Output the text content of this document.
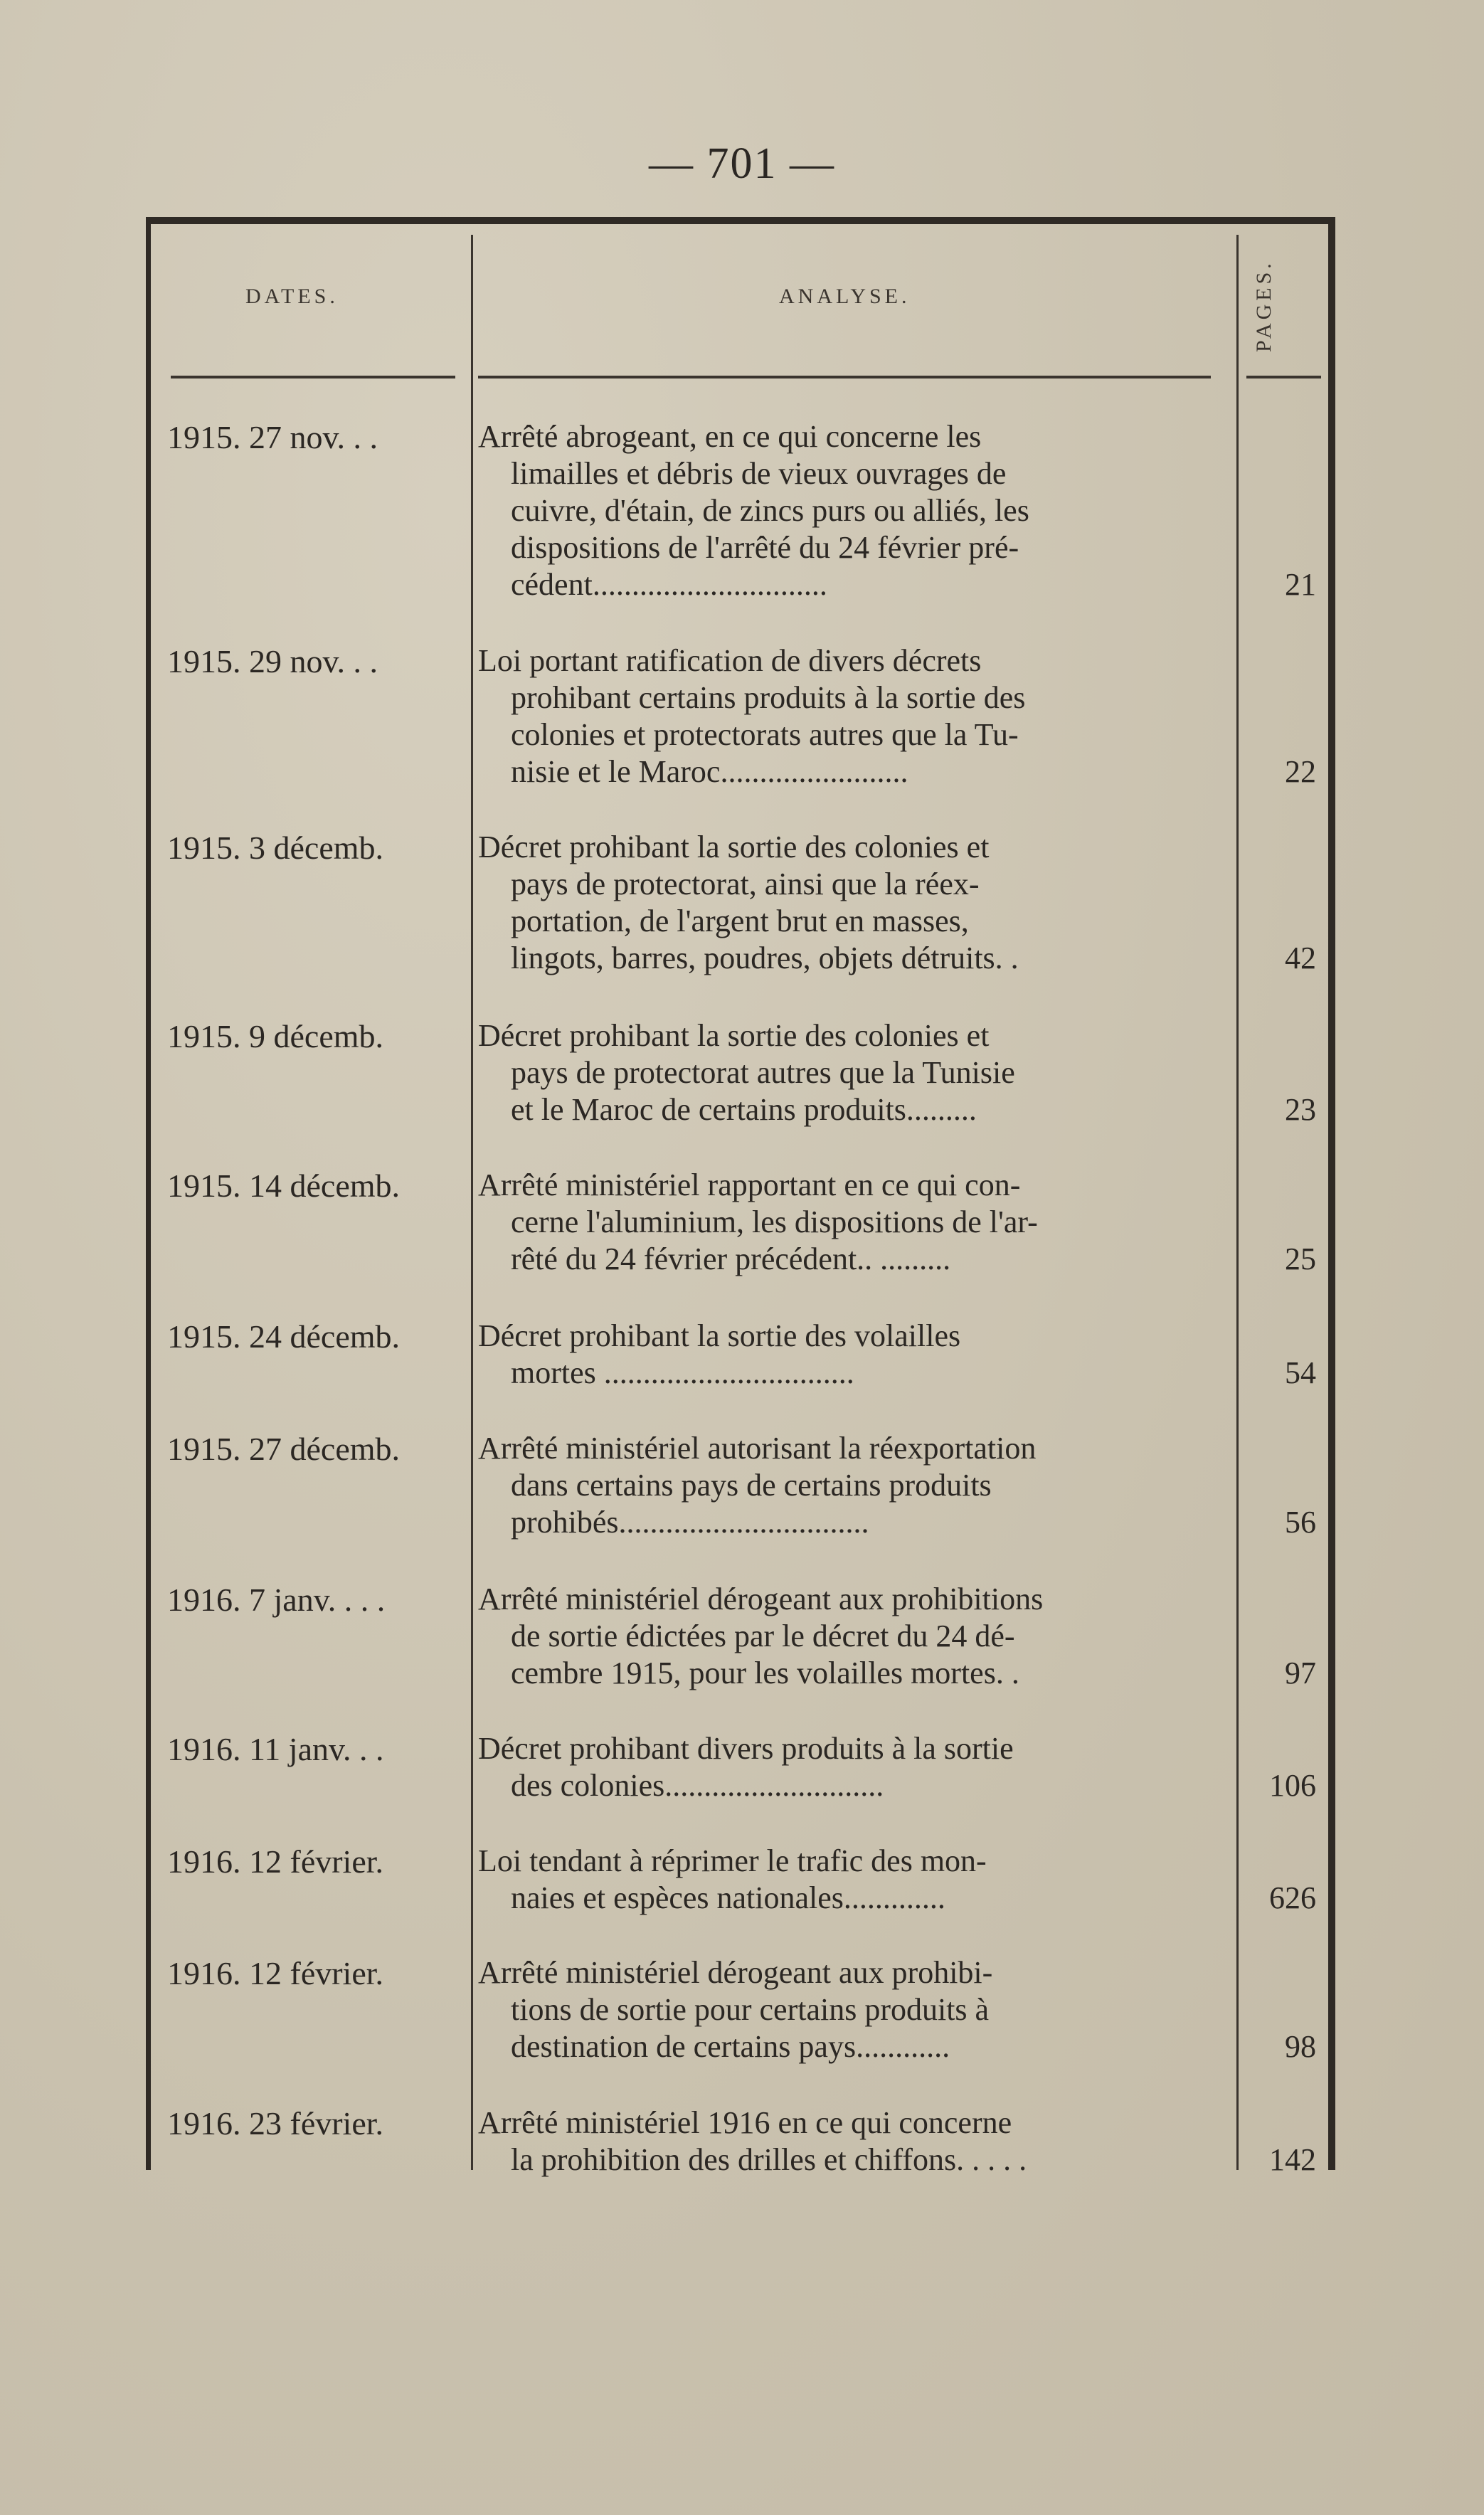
— 701 —
DATES.	ANALYSE.	PAGES.
1915. 27 nov. . .	Arrêté abrogeant, en ce qui concerne les
limailles et débris de vieux ouvrages de
cuivre, d'étain, de zincs purs ou alliés, les
dispositions de l'arrêté du 24 février pré-
cédent..............................	21
1915. 29 nov. . .	Loi portant ratification de divers décrets
prohibant certains produits à la sortie des
colonies et protectorats autres que la Tu-
nisie et le Maroc........................	22
1915. 3 décemb.	Décret prohibant la sortie des colonies et
pays de protectorat, ainsi que la réex-
portation, de l'argent brut en masses,
lingots, barres, poudres, objets détruits. .	42
1915. 9 décemb.	Décret prohibant la sortie des colonies et
pays de protectorat autres que la Tunisie
et le Maroc de certains produits.........	23
1915. 14 décemb.	Arrêté ministériel rapportant en ce qui con-
cerne l'aluminium, les dispositions de l'ar-
rêté du 24 février précédent.. .........	25
1915. 24 décemb.	Décret prohibant la sortie des volailles
mortes ................................	54
1915. 27 décemb.	Arrêté ministériel autorisant la réexportation
dans certains pays de certains produits
prohibés................................	56
1916. 7 janv. . . .	Arrêté ministériel dérogeant aux prohibitions
de sortie édictées par le décret du 24 dé-
cembre 1915, pour les volailles mortes. .	97
1916. 11 janv. . .	Décret prohibant divers produits à la sortie
des colonies............................	106
1916. 12 février.	Loi tendant à réprimer le trafic des mon-
naies et espèces nationales.............	626
1916. 12 février.	Arrêté ministériel dérogeant aux prohibi-
tions de sortie pour certains produits à
destination de certains pays............	98
1916. 23 février.	Arrêté ministériel 1916 en ce qui concerne
la prohibition des drilles et chiffons. . . . .	142
